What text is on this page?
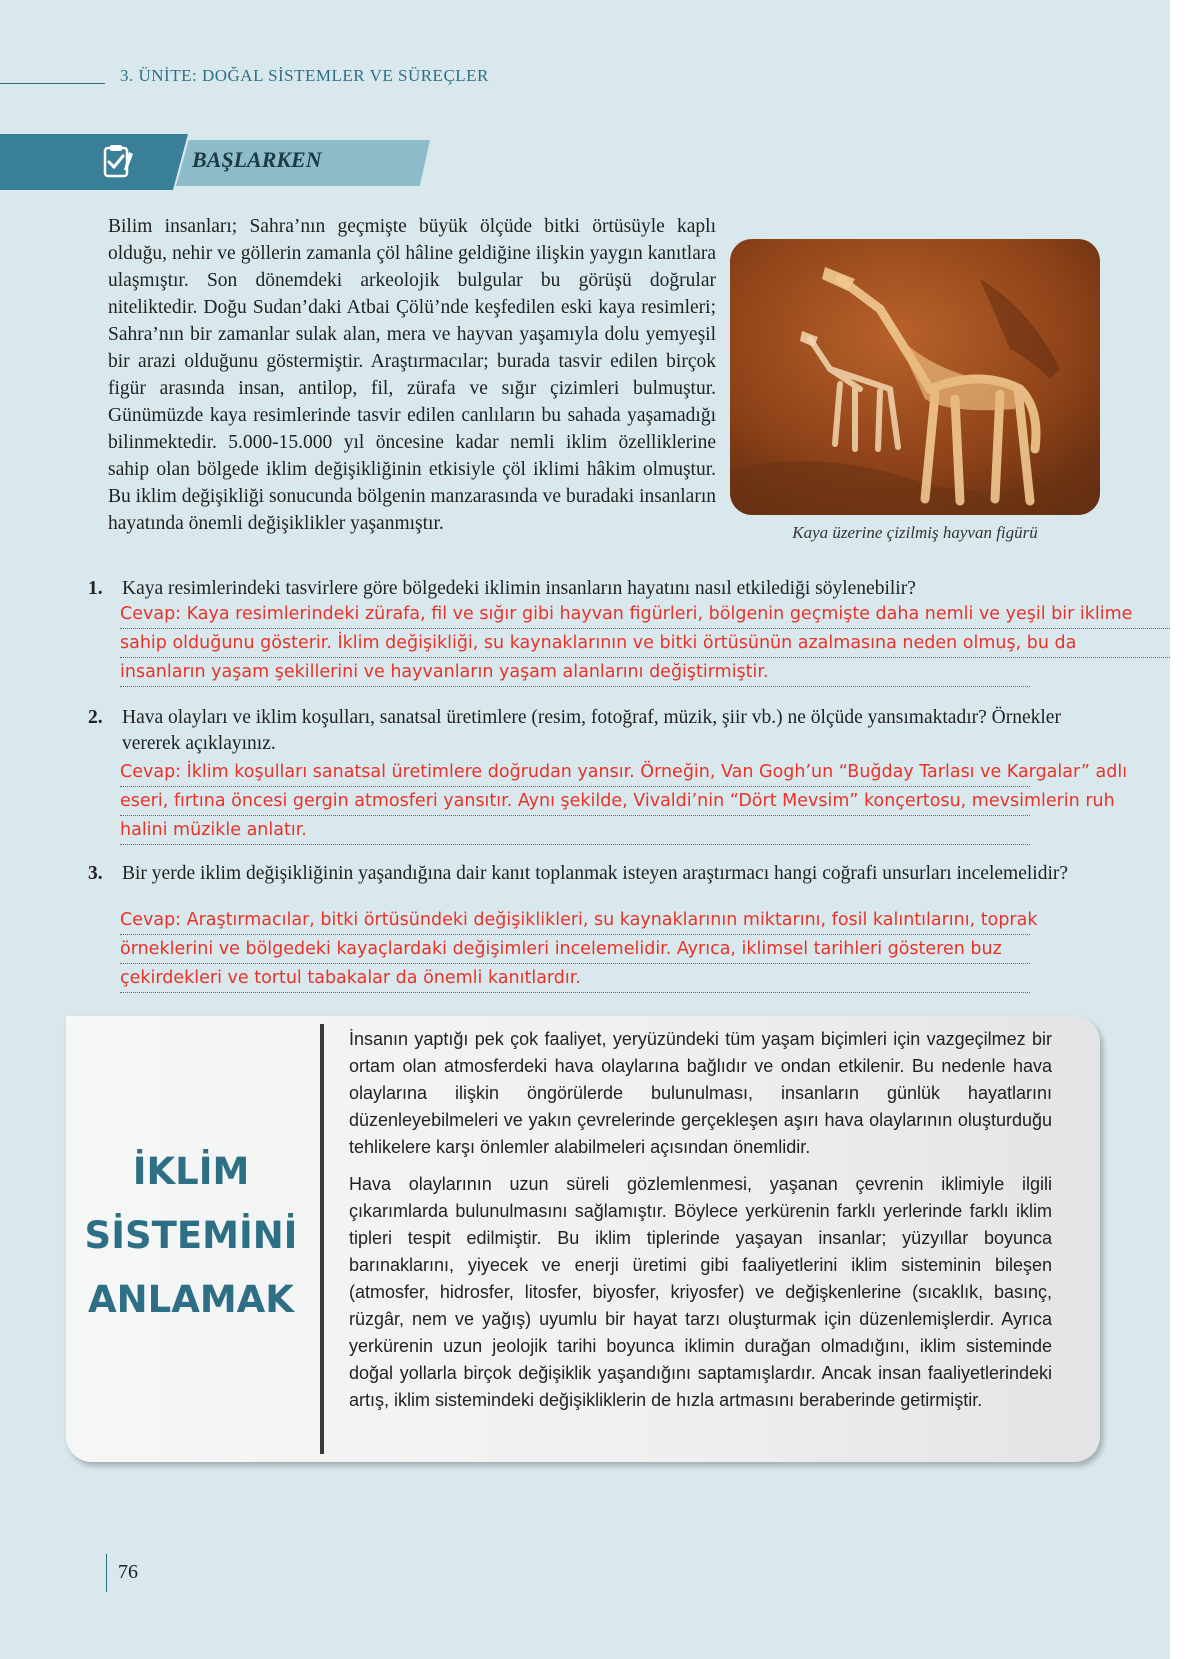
3. ÜNİTE: DOĞAL SİSTEMLER VE SÜREÇLER
BAŞLARKEN
Bilim insanları; Sahra’nın geçmişte büyük ölçüde bitki örtüsüyle kaplı olduğu, nehir ve göllerin zamanla çöl hâline geldiğine ilişkin yaygın kanıtlara ulaşmıştır. Son dönemdeki arkeolojik bulgular bu görüşü doğrular niteliktedir. Doğu Sudan’daki Atbai Çölü’nde keşfedilen eski kaya resimleri; Sahra’nın bir zamanlar sulak alan, mera ve hayvan yaşamıyla dolu yemyeşil bir arazi olduğunu göstermiştir. Araştırmacılar; burada tasvir edilen birçok figür arasında insan, antilop, fil, zürafa ve sığır çizimleri bulmuştur. Günümüzde kaya resimlerinde tasvir edilen canlıların bu sahada yaşamadığı bilinmektedir. 5.000-15.000 yıl öncesine kadar nemli iklim özelliklerine sahip olan bölgede iklim değişikliğinin etkisiyle çöl iklimi hâkim olmuştur. Bu iklim değişikliği sonucunda bölgenin manzarasında ve buradaki insanların hayatında önemli değişiklikler yaşanmıştır.	Kaya üzerine çizilmiş hayvan figürü
1. Kaya resimlerindeki tasvirlere göre bölgedeki iklimin insanların hayatını nasıl etkilediği söylenebilir?
Cevap: Kaya resimlerindeki zürafa, fil ve sığır gibi hayvan figürleri, bölgenin geçmişte daha nemli ve yeşil bir iklime
sahip olduğunu gösterir. İklim değişikliği, su kaynaklarının ve bitki örtüsünün azalmasına neden olmuş, bu da
insanların yaşam şekillerini ve hayvanların yaşam alanlarını değiştirmiştir.
2. Hava olayları ve iklim koşulları, sanatsal üretimlere (resim, fotoğraf, müzik, şiir vb.) ne ölçüde yansımaktadır? Örnekler vererek açıklayınız.
Cevap: İklim koşulları sanatsal üretimlere doğrudan yansır. Örneğin, Van Gogh’un “Buğday Tarlası ve Kargalar” adlı
eseri, fırtına öncesi gergin atmosferi yansıtır. Aynı şekilde, Vivaldi’nin “Dört Mevsim” konçertosu, mevsimlerin ruh
halini müzikle anlatır.
3. Bir yerde iklim değişikliğinin yaşandığına dair kanıt toplanmak isteyen araştırmacı hangi coğrafi unsurları incelemelidir?
Cevap: Araştırmacılar, bitki örtüsündeki değişiklikleri, su kaynaklarının miktarını, fosil kalıntılarını, toprak
örneklerini ve bölgedeki kayaçlardaki değişimleri incelemelidir. Ayrıca, iklimsel tarihleri gösteren buz
çekirdekleri ve tortul tabakalar da önemli kanıtlardır.
İKLİM
SİSTEMİNİ
ANLAMAK

İnsanın yaptığı pek çok faaliyet, yeryüzündeki tüm yaşam biçimleri için vazgeçilmez bir ortam olan atmosferdeki hava olaylarına bağlıdır ve ondan etkilenir. Bu nedenle hava olaylarına ilişkin öngörülerde bulunulması, insanların günlük hayatlarını düzenleyebilmeleri ve yakın çevrelerinde gerçekleşen aşırı hava olaylarının oluşturduğu tehlikelere karşı önlemler alabilmeleri açısından önemlidir.

Hava olaylarının uzun süreli gözlemlenmesi, yaşanan çevrenin iklimiyle ilgili çıkarımlarda bulunulmasını sağlamıştır. Böylece yerkürenin farklı yerlerinde farklı iklim tipleri tespit edilmiştir. Bu iklim tiplerinde yaşayan insanlar; yüzyıllar boyunca barınaklarını, yiyecek ve enerji üretimi gibi faaliyetlerini iklim sisteminin bileşen (atmosfer, hidrosfer, litosfer, biyosfer, kriyosfer) ve değişkenlerine (sıcaklık, basınç, rüzgâr, nem ve yağış) uyumlu bir hayat tarzı oluşturmak için düzenlemişlerdir. Ayrıca yerkürenin uzun jeolojik tarihi boyunca iklimin durağan olmadığını, iklim sisteminde doğal yollarla birçok değişiklik yaşandığını saptamışlardır. Ancak insan faaliyetlerindeki artış, iklim sistemindeki değişikliklerin de hızla artmasını beraberinde getirmiştir.

76
